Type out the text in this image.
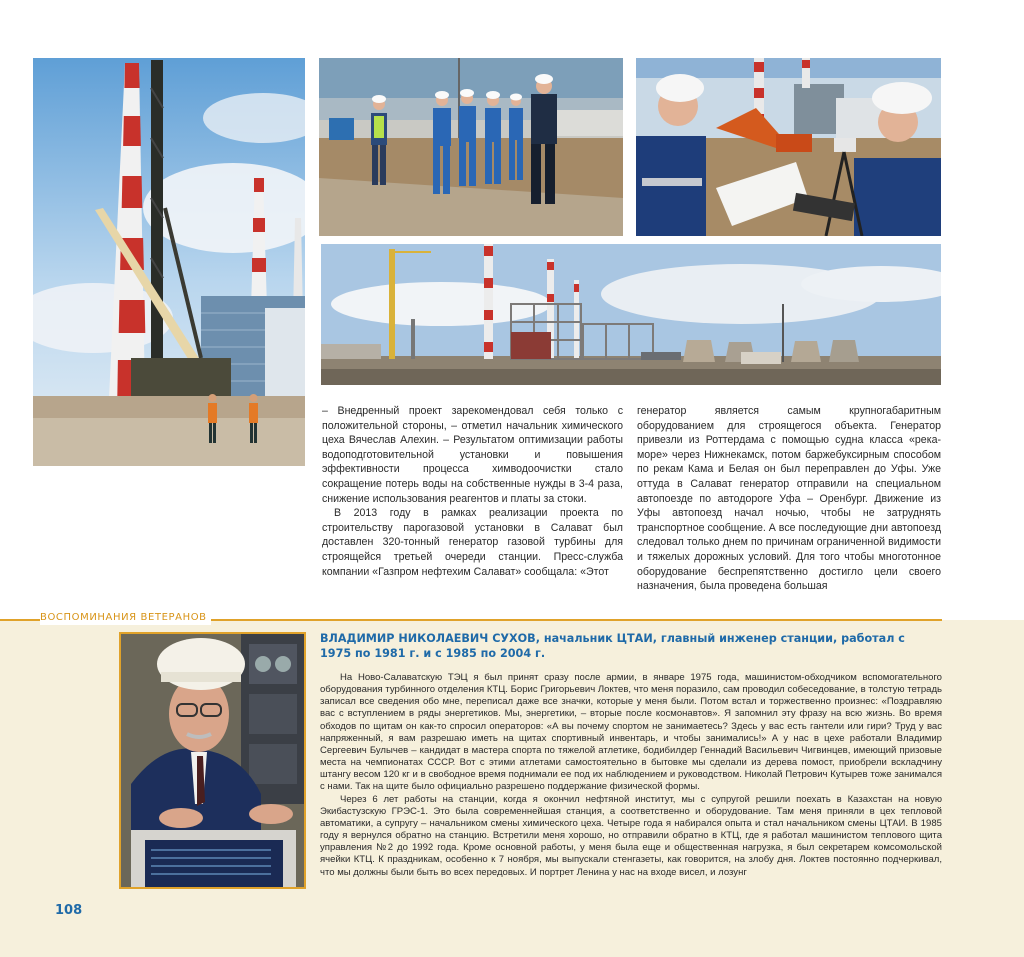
– Внедренный проект зарекомендовал себя только с положительной стороны, – отметил начальник химического цеха Вячеслав Алехин. – Результатом оптимизации работы водоподготовительной установки и повышения эффективности процесса химводоочистки стало сокращение потерь воды на собственные нужды в 3-4 раза, снижение использования реагентов и платы за стоки.

В 2013 году в рамках реализации проекта по строительству парогазовой установки в Салават был доставлен 320-тонный генератор газовой турбины для строящейся третьей очереди станции. Пресс-служба компании «Газпром нефтехим Салават» сообщала: «Этот

генератор является самым крупногабаритным оборудованием для строящегося объекта. Генератор привезли из Роттердама с помощью судна класса «река-море» через Нижнекамск, потом баржебуксирным способом по рекам Кама и Белая он был переправлен до Уфы. Уже оттуда в Салават генератор отправили на специальном автопоезде по автодороге Уфа – Оренбург. Движение из Уфы автопоезд начал ночью, чтобы не затруднять транспортное сообщение. А все последующие дни автопоезд следовал только днем по причинам ограниченной видимости и тяжелых дорожных условий. Для того чтобы многотонное оборудование беспрепятственно достигло цели своего назначения, была проведена большая

ВОСПОМИНАНИЯ ВЕТЕРАНОВ
ВЛАДИМИР НИКОЛАЕВИЧ СУХОВ, начальник ЦТАИ, главный инженер станции, работал с 1975 по 1981 г. и с 1985 по 2004 г.

На Ново-Салаватскую ТЭЦ я был принят сразу после армии, в январе 1975 года, машинистом-обходчиком вспомогательного оборудования турбинного отделения КТЦ. Борис Григорьевич Локтев, что меня поразило, сам проводил собеседование, в толстую тетрадь записал все сведения обо мне, переписал даже все значки, которые у меня были. Потом встал и торжественно произнес: «Поздравляю вас с вступлением в ряды энергетиков. Мы, энергетики, – вторые после космонавтов». Я запомнил эту фразу на всю жизнь. Во время обходов по щитам он как-то спросил операторов: «А вы почему спортом не занимаетесь? Здесь у вас есть гантели или гири? Труд у вас напряженный, я вам разрешаю иметь на щитах спортивный инвентарь, и чтобы занимались!» А у нас в цехе работали Владимир Сергеевич Булычев – кандидат в мастера спорта по тяжелой атлетике, бодибилдер Геннадий Васильевич Чигвинцев, имеющий призовые места на чемпионатах СССР. Вот с этими атлетами самостоятельно в бытовке мы сделали из дерева помост, приобрели вскладчину штангу весом 120 кг и в свободное время поднимали ее под их наблюдением и руководством. Николай Петрович Кутырев тоже занимался с нами. Так на щите было официально разрешено поддержание физической формы.

Через 6 лет работы на станции, когда я окончил нефтяной институт, мы с супругой решили поехать в Казахстан на новую Экибастузскую ГРЭС-1. Это была современнейшая станция, а соответственно и оборудование. Там меня приняли в цех тепловой автоматики, а супругу – начальником смены химического цеха. Четыре года я набирался опыта и стал начальником смены ЦТАИ. В 1985 году я вернулся обратно на станцию. Встретили меня хорошо, но отправили обратно в КТЦ, где я работал машинистом теплового щита управления №2 до 1992 года. Кроме основной работы, у меня была еще и общественная нагрузка, я был секретарем комсомольской ячейки КТЦ. К праздникам, особенно к 7 ноября, мы выпускали стенгазеты, как говорится, на злобу дня. Локтев постоянно подчеркивал, что мы должны были быть во всех передовых. И портрет Ленина у нас на входе висел, и лозунг

108
